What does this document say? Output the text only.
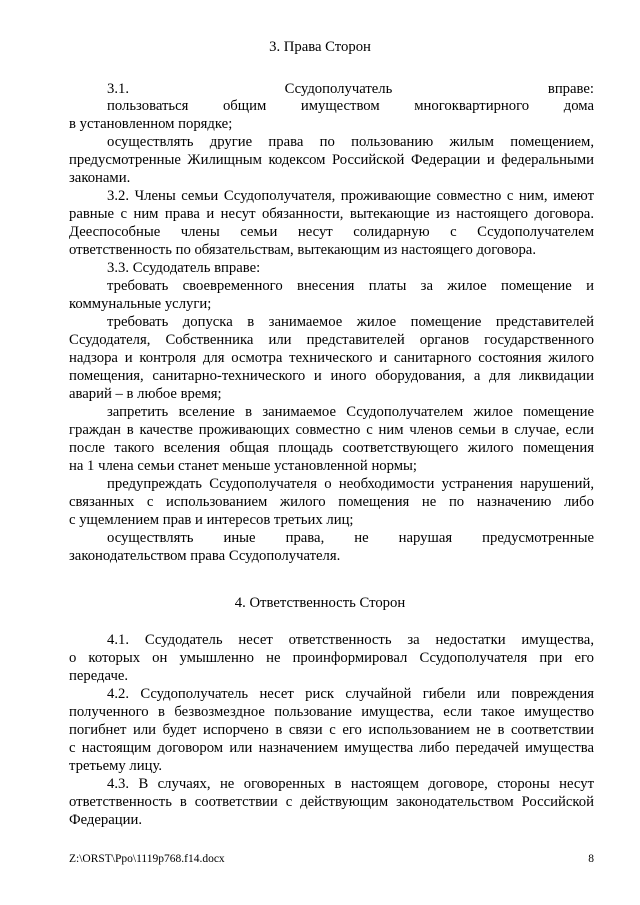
3. Права Сторон
3.1. Ссудополучатель вправе:
пользоваться общим имуществом многоквартирного дома
в установленном порядке;
осуществлять другие права по пользованию жилым помещением,
предусмотренные Жилищным кодексом Российской Федерации и федеральными
законами.
3.2. Члены семьи Ссудополучателя, проживающие совместно с ним, имеют
равные с ним права и несут обязанности, вытекающие из настоящего договора.
Дееспособные члены семьи несут солидарную с Ссудополучателем
ответственность по обязательствам, вытекающим из настоящего договора.
3.3. Ссудодатель вправе:
требовать своевременного внесения платы за жилое помещение и
коммунальные услуги;
требовать допуска в занимаемое жилое помещение представителей
Ссудодателя, Собственника или представителей органов государственного
надзора и контроля для осмотра технического и санитарного состояния жилого
помещения, санитарно-технического и иного оборудования, а для ликвидации
аварий – в любое время;
запретить вселение в занимаемое Ссудополучателем жилое помещение
граждан в качестве проживающих совместно с ним членов семьи в случае, если
после такого вселения общая площадь соответствующего жилого помещения
на 1 члена семьи станет меньше установленной нормы;
предупреждать Ссудополучателя о необходимости устранения нарушений,
связанных с использованием жилого помещения не по назначению либо
с ущемлением прав и интересов третьих лиц;
осуществлять иные права, не нарушая предусмотренные
законодательством права Ссудополучателя.
4. Ответственность Сторон
4.1. Ссудодатель несет ответственность за недостатки имущества,
о которых он умышленно не проинформировал Ссудополучателя при его
передаче.
4.2. Ссудополучатель несет риск случайной гибели или повреждения
полученного в безвозмездное пользование имущества, если такое имущество
погибнет или будет испорчено в связи с его использованием не в соответствии
с настоящим договором или назначением имущества либо передачей имущества
третьему лицу.
4.3. В случаях, не оговоренных в настоящем договоре, стороны несут
ответственность в соответствии с действующим законодательством Российской
Федерации.
Z:\ORST\Ppo\1119p768.f14.docx	8
